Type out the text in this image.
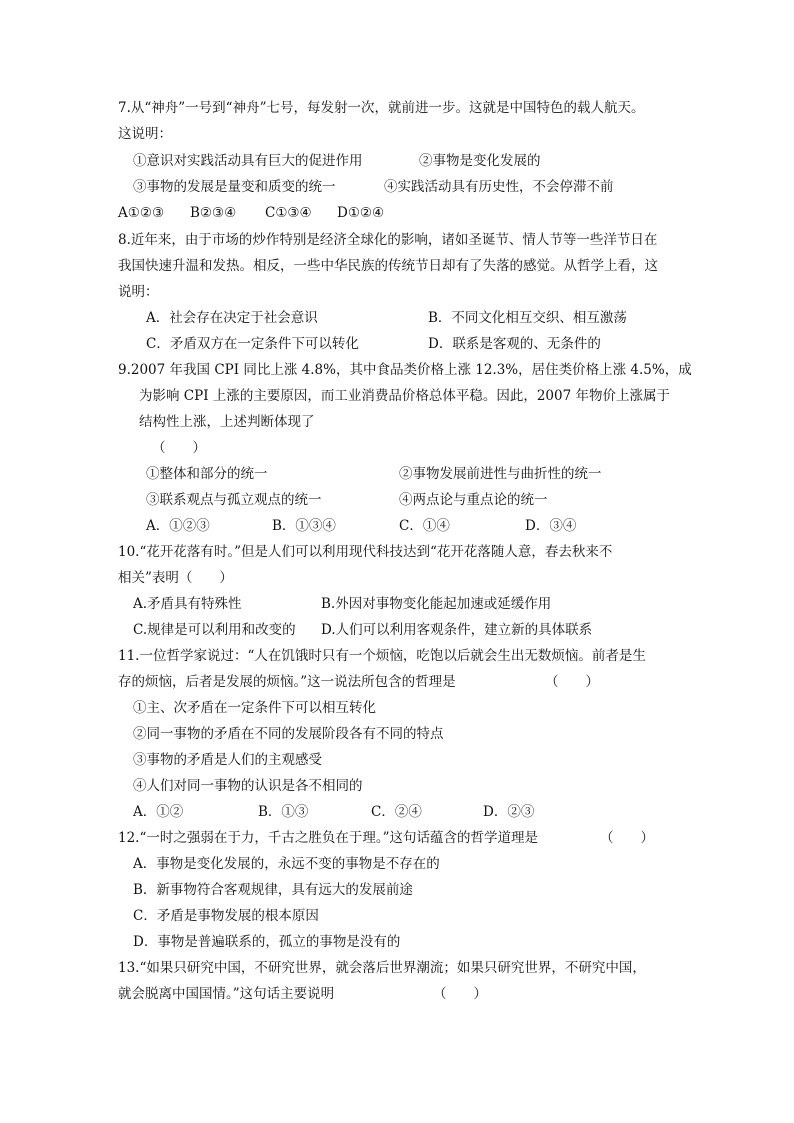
7.从“神舟”一号到“神舟”七号，每发射一次，就前进一步。这就是中国特色的载人航天。
这说明：
①意识对实践活动具有巨大的促进作用	②事物是变化发展的
③事物的发展是量变和质变的统一	④实践活动具有历史性，不会停滞不前
A①②③ B②③④ C①③④ D①②④
8.近年来，由于市场的炒作特别是经济全球化的影响，诸如圣诞节、情人节等一些洋节日在
我国快速升温和发热。相反，一些中华民族的传统节日却有了失落的感觉。从哲学上看，这
说明：
A．社会存在决定于社会意识	B．不同文化相互交织、相互激荡
C．矛盾双方在一定条件下可以转化	D．联系是客观的、无条件的
9.2007 年我国 CPI 同比上涨 4.8%，其中食品类价格上涨 12.3%，居住类价格上涨 4.5%，成
为影响 CPI 上涨的主要原因，而工业消费品价格总体平稳。因此，2007 年物价上涨属于
结构性上涨，上述判断体现了
（　　）
①整体和部分的统一	②事物发展前进性与曲折性的统一
③联系观点与孤立观点的统一	④两点论与重点论的统一
A．①②③	B．①③④	C．①④	D．③④
10.“花开花落有时。”但是人们可以利用现代科技达到“花开花落随人意，春去秋来不
相关”表明（　　）
A.矛盾具有特殊性	B.外因对事物变化能起加速或延缓作用
C.规律是可以利用和改变的 D.人们可以利用客观条件，建立新的具体联系
11.一位哲学家说过：“人在饥饿时只有一个烦恼，吃饱以后就会生出无数烦恼。前者是生
存的烦恼，后者是发展的烦恼。”这一说法所包含的哲理是	（　　）
①主、次矛盾在一定条件下可以相互转化
②同一事物的矛盾在不同的发展阶段各有不同的特点
③事物的矛盾是人们的主观感受
④人们对同一事物的认识是各不相同的
A．①②	B．①③	C．②④	D．②③
12.“一时之强弱在于力，千古之胜负在于理。”这句话蕴含的哲学道理是	（　　）
A．事物是变化发展的，永远不变的事物是不存在的
B．新事物符合客观规律，具有远大的发展前途
C．矛盾是事物发展的根本原因
D．事物是普遍联系的，孤立的事物是没有的
13.“如果只研究中国，不研究世界，就会落后世界潮流；如果只研究世界，不研究中国，
就会脱离中国国情。”这句话主要说明	（　　）
